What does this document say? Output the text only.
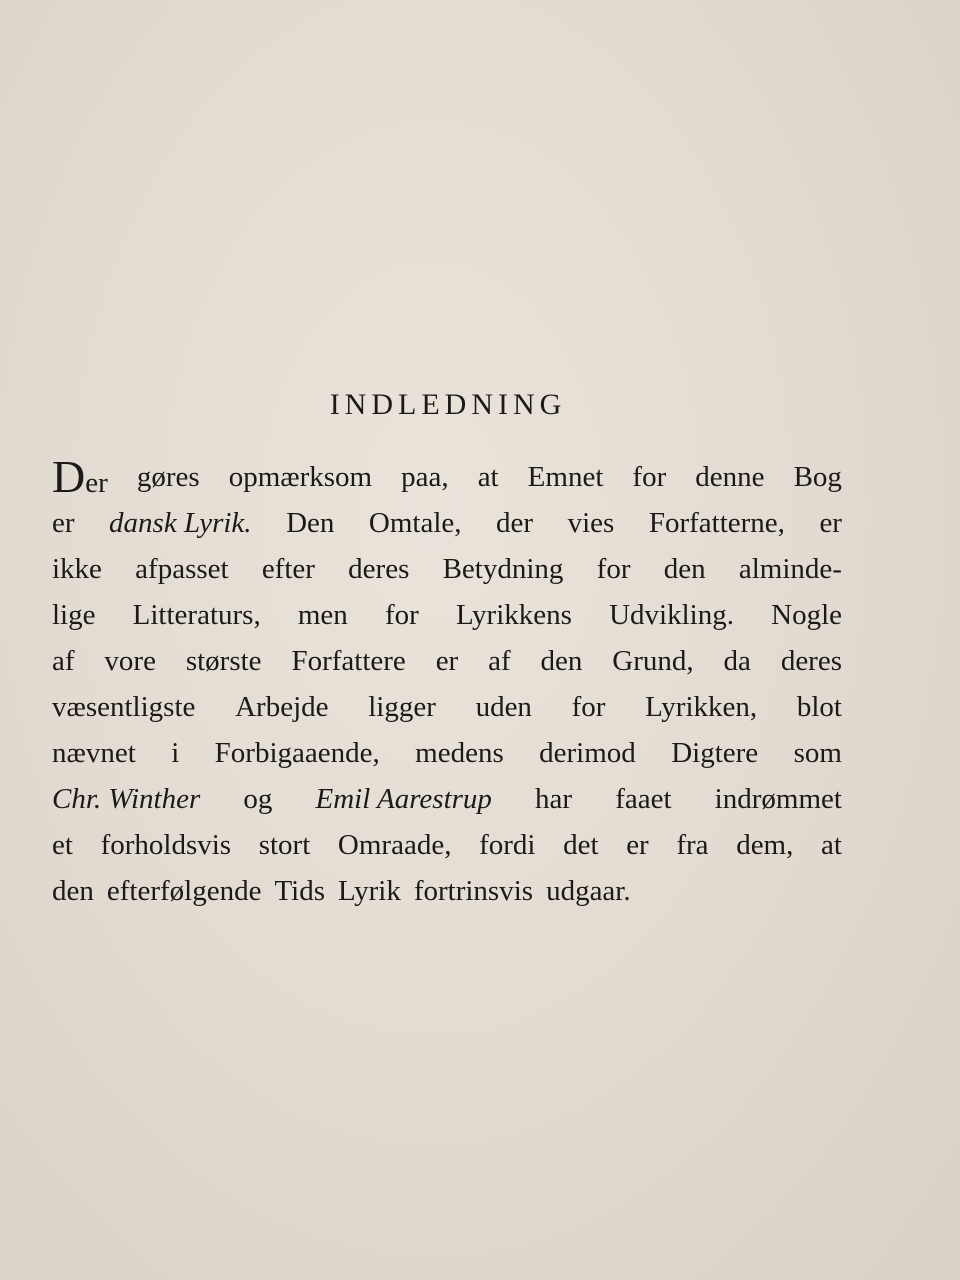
INDLEDNING
Der gøres opmærksom paa, at Emnet for denne Bog
er dansk Lyrik. Den Omtale, der vies Forfatterne, er
ikke afpasset efter deres Betydning for den alminde-
lige Litteraturs, men for Lyrikkens Udvikling. Nogle
af vore største Forfattere er af den Grund, da deres
væsentligste Arbejde ligger uden for Lyrikken, blot
nævnet i Forbigaaende, medens derimod Digtere som
Chr. Winther og Emil Aarestrup har faaet indrømmet
et forholdsvis stort Omraade, fordi det er fra dem, at
den efterfølgende Tids Lyrik fortrinsvis udgaar.
